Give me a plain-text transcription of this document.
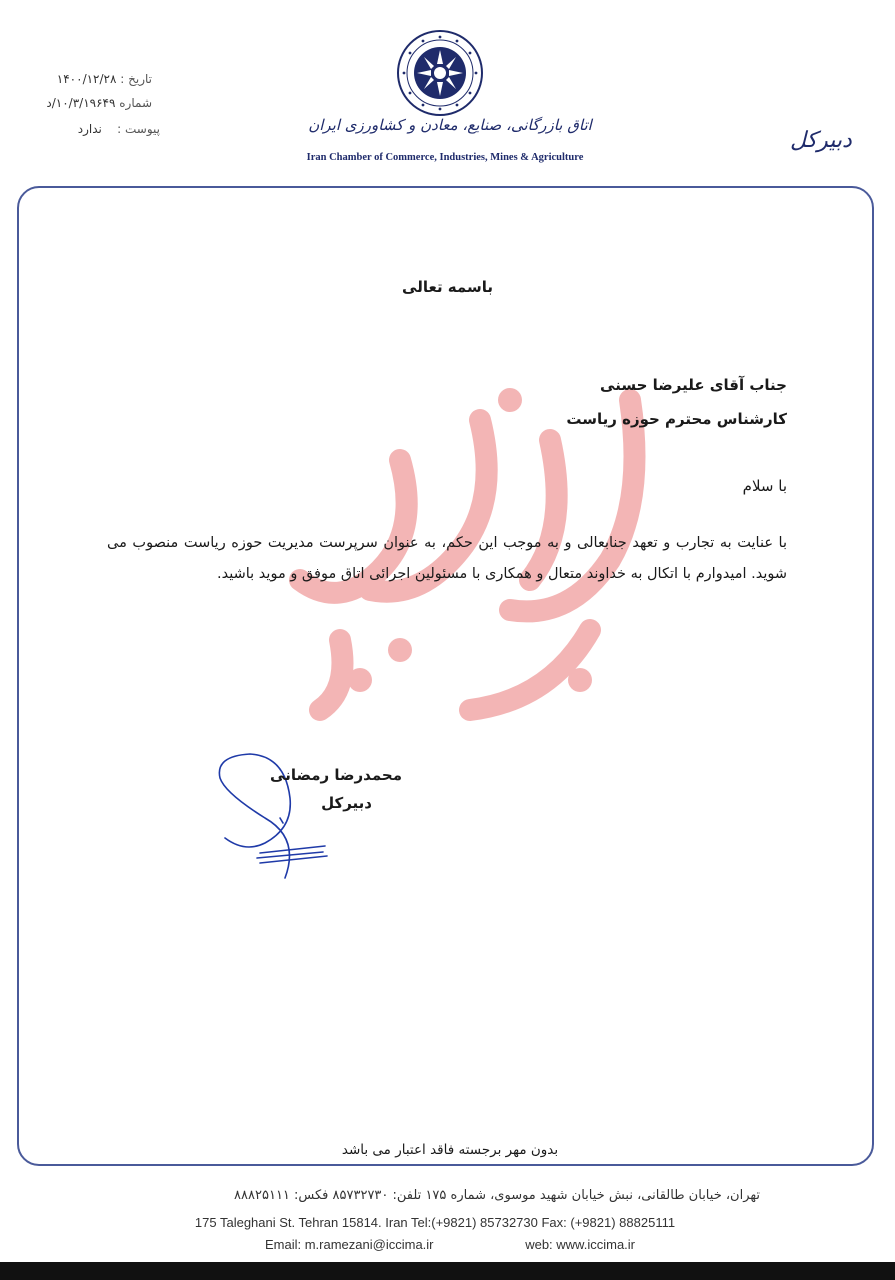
تاریخ : ۱۴۰۰/۱۲/۲۸
شماره ۱۰/۳/۱۹۶۴۹/د
پیوست :    ندارد	اتاق بازرگانی، صنایع، معادن و کشاورزی ایران
Iran Chamber of Commerce, Industries, Mines & Agriculture
دبیرکل
باسمه تعالی
جناب آقای علیرضا حسنی
کارشناس محترم حوزه ریاست
با سلام
با عنایت به تجارب و تعهد جنابعالی و به موجب این حکم، به عنوان سرپرست مدیریت حوزه ریاست منصوب می شوید. امیدوارم با اتکال به خداوند متعال و همکاری با مسئولین اجرائی اتاق موفق و موید باشید.
محمدرضا رمضانی
دبیرکل
بدون مهر برجسته فاقد اعتبار می باشد
تهران، خیابان طالقانی، نبش خیابان شهید موسوی، شماره ۱۷۵ تلفن: ۸۵۷۳۲۷۳۰ فکس: ۸۸۸۲۵۱۱۱
175 Taleghani St. Tehran 15814. Iran Tel:(+9821) 85732730 Fax: (+9821) 88825111
Email: m.ramezani@iccima.ir	web: www.iccima.ir
